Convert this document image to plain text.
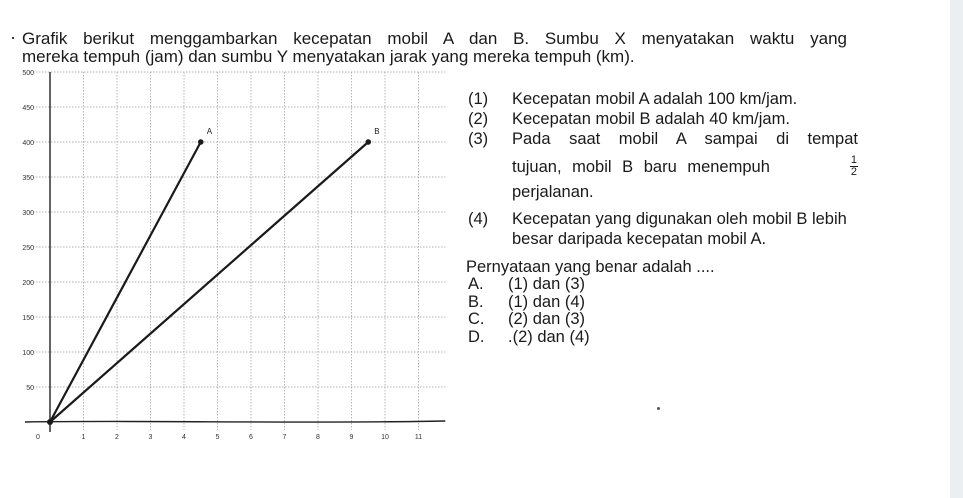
· Grafik berikut menggambarkan kecepatan mobil A dan B. Sumbu X menyatakan waktu yang
mereka tempuh (jam) dan sumbu Y menyatakan jarak yang mereka tempuh (km).
50
100
150
200
250
300
350
400
450
500
0	1	2	3	4	5	6	7	8	9	10	11
A	B
(1) Kecepatan mobil A adalah 100 km/jam.
(2) Kecepatan mobil B adalah 40 km/jam.
(3) Pada saat mobil A sampai di tempat
tujuan, mobil B baru menempuh	$\frac{1}{2}$
perjalanan.
(4) Kecepatan yang digunakan oleh mobil B lebih besar daripada kecepatan mobil A.
Pernyataan yang benar adalah ....
A. (1) dan (3)
B. (1) dan (4)
C. (2) dan (3)
D. .(2) dan (4)
